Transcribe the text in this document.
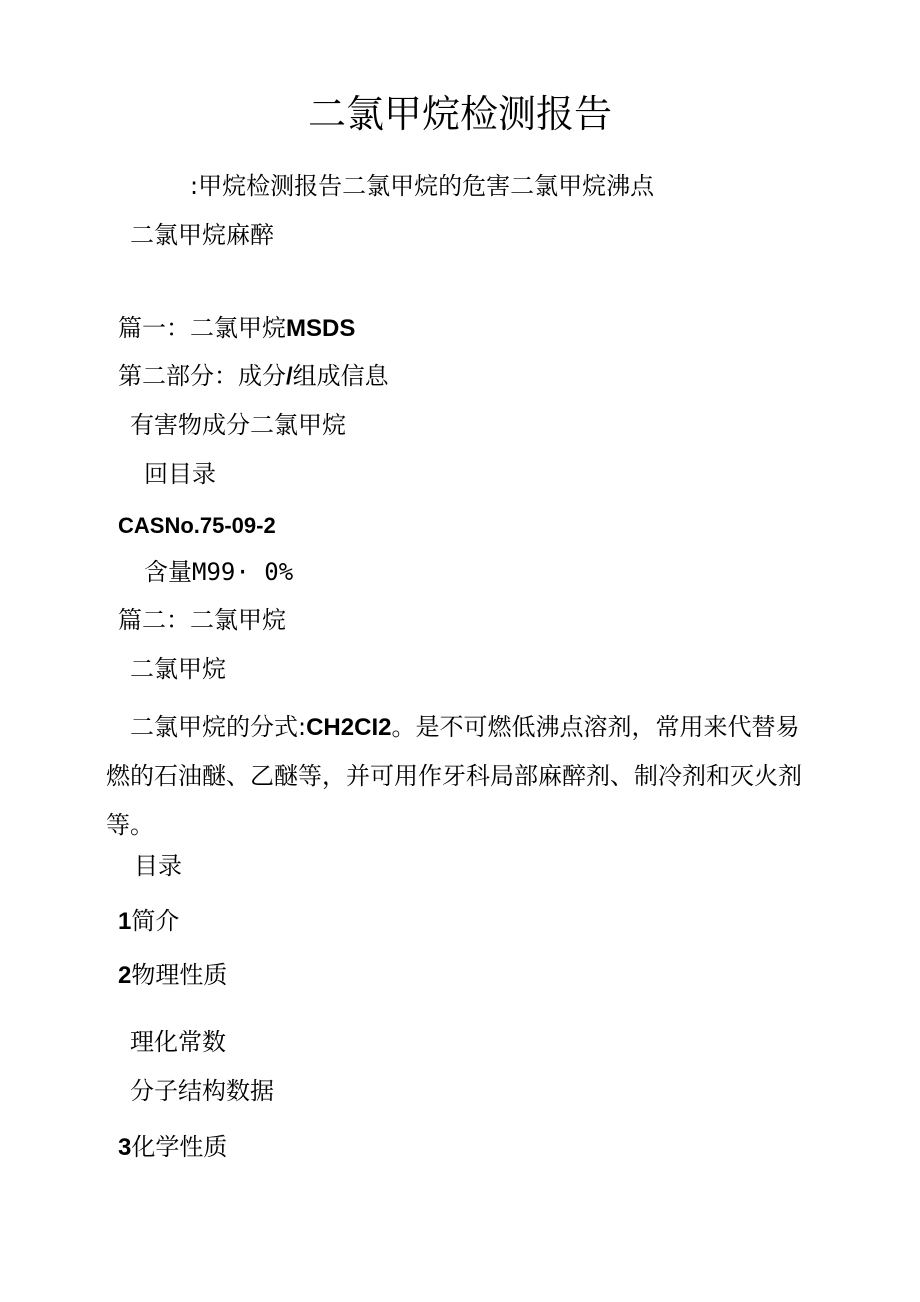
二氯甲烷检测报告
:甲烷检测报告二氯甲烷的危害二氯甲烷沸点
二氯甲烷麻醉
篇一：二氯甲烷MSDS
第二部分：成分/组成信息
有害物成分二氯甲烷
回目录
CASNo.75-09-2
含量M99· 0%
篇二：二氯甲烷
二氯甲烷
二氯甲烷的分式:CH2CI2。是不可燃低沸点溶剂，常用来代替易燃的石油醚、乙醚等，并可用作牙科局部麻醉剂、制冷剂和灭火剂等。
目录
1简介
2物理性质
理化常数
分子结构数据
3化学性质
